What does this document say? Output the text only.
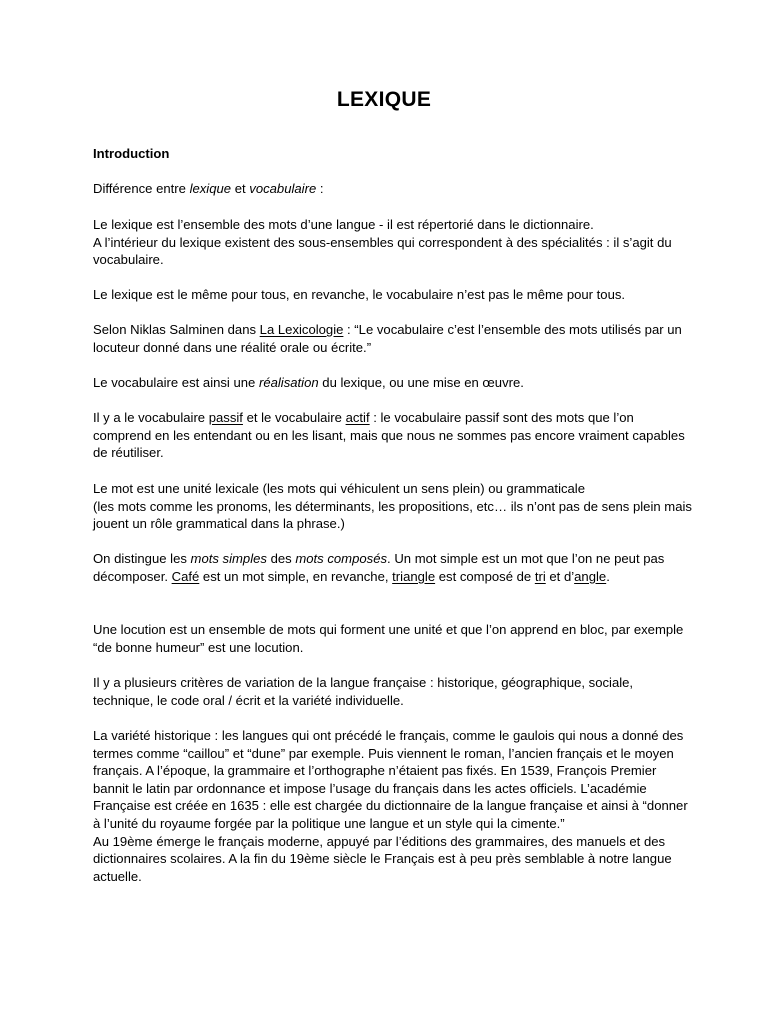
LEXIQUE

Introduction

Différence entre lexique et vocabulaire :

Le lexique est l’ensemble des mots d’une langue - il est répertorié dans le dictionnaire.
A l’intérieur du lexique existent des sous-ensembles qui correspondent à des spécialités : il s’agit du vocabulaire.

Le lexique est le même pour tous, en revanche, le vocabulaire n’est pas le même pour tous.

Selon Niklas Salminen dans La Lexicologie : “Le vocabulaire c’est l’ensemble des mots utilisés par un locuteur donné dans une réalité orale ou écrite.”

Le vocabulaire est ainsi une réalisation du lexique, ou une mise en œuvre.

Il y a le vocabulaire passif et le vocabulaire actif : le vocabulaire passif sont des mots que l’on comprend en les entendant ou en les lisant, mais que nous ne sommes pas encore vraiment capables de réutiliser.

Le mot est une unité lexicale (les mots qui véhiculent un sens plein) ou grammaticale
(les mots comme les pronoms, les déterminants, les propositions, etc… ils n’ont pas de sens plein mais jouent un rôle grammatical dans la phrase.)

On distingue les mots simples des mots composés. Un mot simple est un mot que l’on ne peut pas décomposer. Café est un mot simple, en revanche, triangle est composé de tri et d’angle.

Une locution est un ensemble de mots qui forment une unité et que l’on apprend en bloc, par exemple “de bonne humeur” est une locution.

Il y a plusieurs critères de variation de la langue française : historique, géographique, sociale, technique, le code oral / écrit et la variété individuelle.

La variété historique : les langues qui ont précédé le français, comme le gaulois qui nous a donné des termes comme “caillou” et “dune” par exemple. Puis viennent le roman, l’ancien français et le moyen français. A l’époque, la grammaire et l’orthographe n’étaient pas fixés. En 1539, François Premier bannit le latin par ordonnance et impose l’usage du français dans les actes officiels. L’académie Française est créée en 1635 : elle est chargée du dictionnaire de la langue française et ainsi à “donner à l’unité du royaume forgée par la politique une langue et un style qui la cimente.”
Au 19ème émerge le français moderne, appuyé par l’éditions des grammaires, des manuels et des dictionnaires scolaires. A la fin du 19ème siècle le Français est à peu près semblable à notre langue actuelle.
